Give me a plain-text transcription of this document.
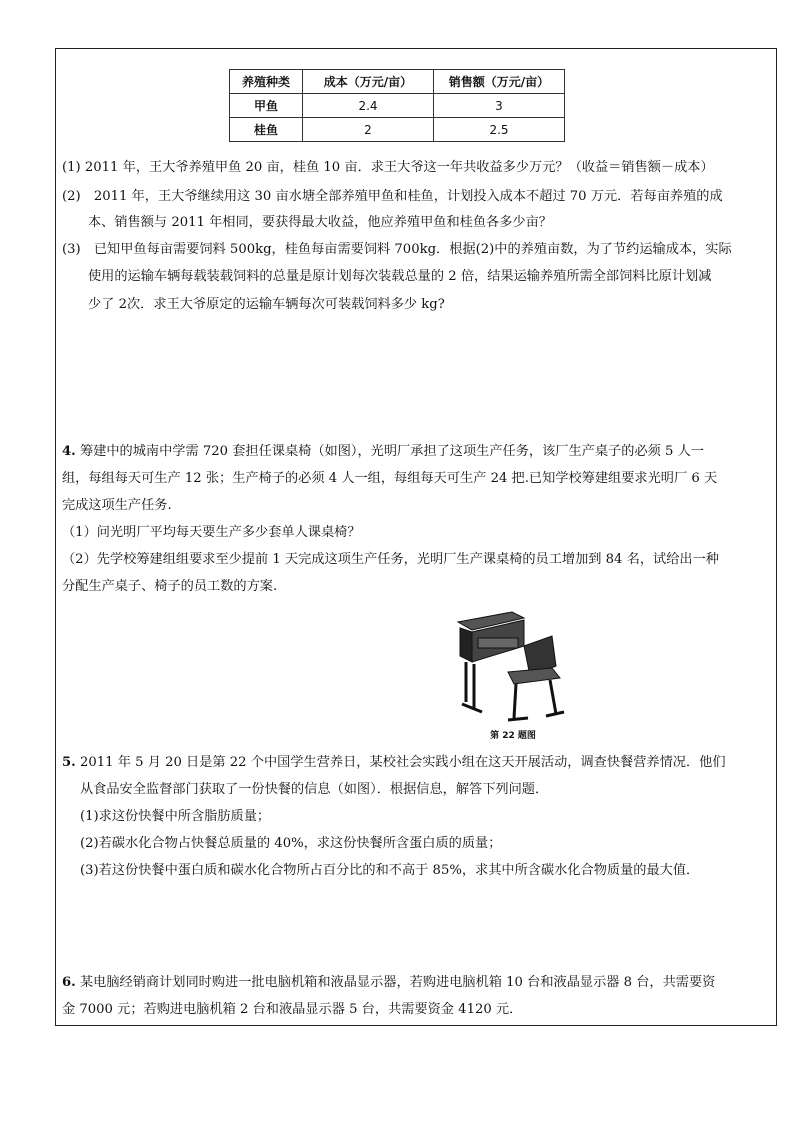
养殖种类	成本（万元/亩）	销售额（万元/亩）
甲鱼	2.4	3
桂鱼	2	2.5
(1) 2011 年，王大爷养殖甲鱼 20 亩，桂鱼 10 亩．求王大爷这一年共收益多少万元？（收益＝销售额－成本）
(2)　2011 年，王大爷继续用这 30 亩水塘全部养殖甲鱼和桂鱼，计划投入成本不超过 70 万元．若每亩养殖的成
本、销售额与 2011 年相同，要获得最大收益，他应养殖甲鱼和桂鱼各多少亩？
(3)　已知甲鱼每亩需要饲料 500kg，桂鱼每亩需要饲料 700kg．根据(2)中的养殖亩数，为了节约运输成本，实际
使用的运输车辆每载装载饲料的总量是原计划每次装载总量的 2 倍，结果运输养殖所需全部饲料比原计划减
少了 2次．求王大爷原定的运输车辆每次可装载饲料多少 kg?
4. 筹建中的城南中学需 720 套担任课桌椅（如图），光明厂承担了这项生产任务，该厂生产桌子的必须 5 人一
组，每组每天可生产 12 张；生产椅子的必须 4 人一组，每组每天可生产 24 把.已知学校筹建组要求光明厂 6 天
完成这项生产任务.
（1）问光明厂平均每天要生产多少套单人课桌椅？
（2）先学校筹建组组要求至少提前 1 天完成这项生产任务，光明厂生产课桌椅的员工增加到 84 名，试给出一种
分配生产桌子、椅子的员工数的方案.
第 22 题图
5. 2011 年 5 月 20 日是第 22 个中国学生营养日，某校社会实践小组在这天开展活动，调查快餐营养情况．他们
从食品安全监督部门获取了一份快餐的信息（如图）．根据信息，解答下列问题．
(1)求这份快餐中所含脂肪质量；
(2)若碳水化合物占快餐总质量的 40%，求这份快餐所含蛋白质的质量；
(3)若这份快餐中蛋白质和碳水化合物所占百分比的和不高于 85%，求其中所含碳水化合物质量的最大值．
6. 某电脑经销商计划同时购进一批电脑机箱和液晶显示器，若购进电脑机箱 10 台和液晶显示器 8 台，共需要资
金 7000 元；若购进电脑机箱 2 台和液晶显示器 5 台，共需要资金 4120 元．
